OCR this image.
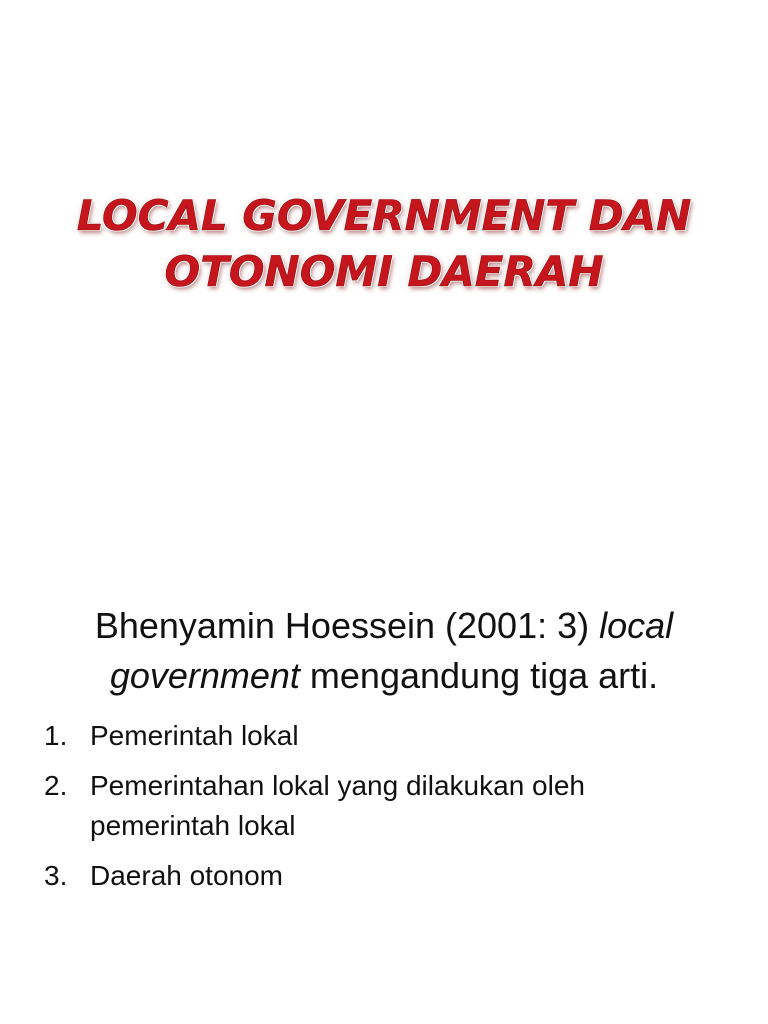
LOCAL GOVERNMENT DAN
OTONOMI DAERAH
Bhenyamin Hoessein (2001: 3) local
government mengandung tiga arti.
1. Pemerintah lokal
2. Pemerintahan lokal yang dilakukan oleh pemerintah lokal
3. Daerah otonom
